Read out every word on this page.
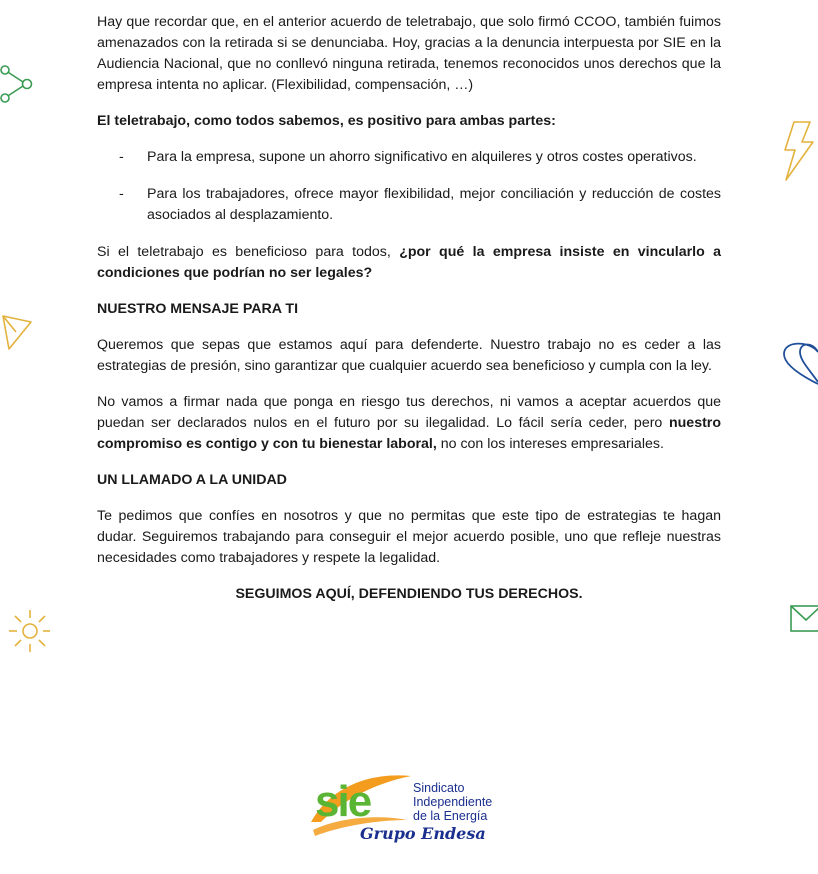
Hay que recordar que, en el anterior acuerdo de teletrabajo, que solo firmó CCOO, también fuimos amenazados con la retirada si se denunciaba. Hoy, gracias a la denuncia interpuesta por SIE en la Audiencia Nacional, que no conllevó ninguna retirada, tenemos reconocidos unos derechos que la empresa intenta no aplicar. (Flexibilidad, compensación, …)

El teletrabajo, como todos sabemos, es positivo para ambas partes:

-	Para la empresa, supone un ahorro significativo en alquileres y otros costes operativos.
-	Para los trabajadores, ofrece mayor flexibilidad, mejor conciliación y reducción de costes asociados al desplazamiento.

Si el teletrabajo es beneficioso para todos, ¿por qué la empresa insiste en vincularlo a condiciones que podrían no ser legales?

NUESTRO MENSAJE PARA TI

Queremos que sepas que estamos aquí para defenderte. Nuestro trabajo no es ceder a las estrategias de presión, sino garantizar que cualquier acuerdo sea beneficioso y cumpla con la ley.

No vamos a firmar nada que ponga en riesgo tus derechos, ni vamos a aceptar acuerdos que puedan ser declarados nulos en el futuro por su ilegalidad. Lo fácil sería ceder, pero nuestro compromiso es contigo y con tu bienestar laboral, no con los intereses empresariales.

UN LLAMADO A LA UNIDAD

Te pedimos que confíes en nosotros y que no permitas que este tipo de estrategias te hagan dudar. Seguiremos trabajando para conseguir el mejor acuerdo posible, uno que refleje nuestras necesidades como trabajadores y respete la legalidad.

SEGUIMOS AQUÍ, DEFENDIENDO TUS DERECHOS.

sie	Sindicato
Independiente
de la Energía
Grupo Endesa
